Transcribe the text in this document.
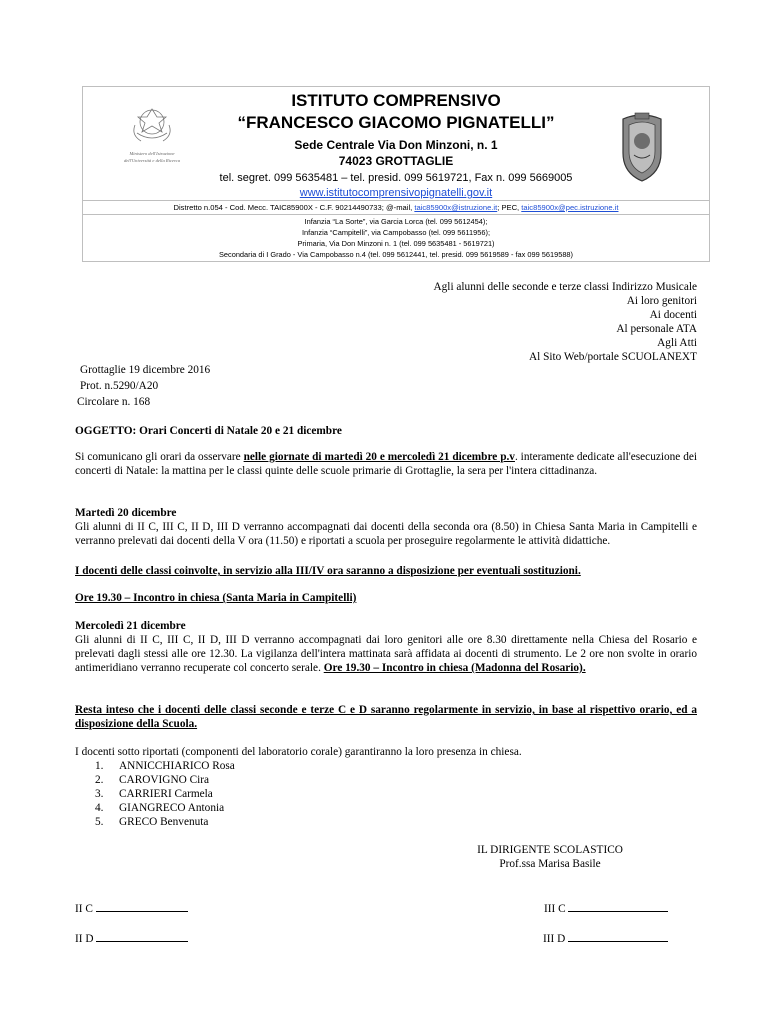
Ministero dell'Istruzione
dell'Università e della Ricerca
ISTITUTO COMPRENSIVO
“FRANCESCO GIACOMO PIGNATELLI”
Sede Centrale Via Don Minzoni, n. 1
74023 GROTTAGLIE
tel. segret. 099 5635481 – tel. presid. 099 5619721, Fax n. 099 5669005
www.istitutocomprensivopignatelli.gov.it
Distretto n.054 - Cod. Mecc. TAIC85900X - C.F. 90214490733; @-mail, taic85900x@istruzione.it; PEC, taic85900x@pec.istruzione.it
Infanzia “La Sorte”, via Garcia Lorca (tel. 099 5612454);
Infanzia “Campitelli”, via Campobasso (tel. 099 5611956);
Primaria, Via Don Minzoni n. 1 (tel. 099 5635481 - 5619721)
Secondaria di I Grado - Via Campobasso n.4 (tel. 099 5612441, tel. presid. 099 5619589 - fax 099 5619588)
Agli alunni delle seconde e terze classi Indirizzo Musicale
Ai loro genitori
Ai docenti
Al personale ATA
Agli Atti
Al Sito Web/portale SCUOLANEXT
Grottaglie 19 dicembre 2016
Prot. n.5290/A20
Circolare n. 168
OGGETTO: Orari Concerti di Natale 20 e 21 dicembre
Si comunicano gli orari da osservare nelle giornate di martedì 20 e mercoledì 21 dicembre p.v. interamente dedicate all'esecuzione dei concerti di Natale: la mattina per le classi quinte delle scuole primarie di Grottaglie, la sera per l'intera cittadinanza.
Martedì 20 dicembre
Gli alunni di II C, III C, II D, III D verranno accompagnati dai docenti della seconda ora (8.50) in Chiesa Santa Maria in Campitelli e verranno prelevati dai docenti della V ora (11.50) e riportati a scuola per proseguire regolarmente le attività didattiche.
I docenti delle classi coinvolte, in servizio alla III/IV ora saranno a disposizione per eventuali sostituzioni.
Ore 19.30 – Incontro in chiesa (Santa Maria in Campitelli)
Mercoledì 21 dicembre
Gli alunni di II C, III C, II D, III D verranno accompagnati dai loro genitori alle ore 8.30 direttamente nella Chiesa del Rosario e prelevati dagli stessi alle ore 12.30. La vigilanza dell'intera mattinata sarà affidata ai docenti di strumento. Le 2 ore non svolte in orario antimeridiano verranno recuperate col concerto serale. Ore 19.30 – Incontro in chiesa (Madonna del Rosario).
Resta inteso che i docenti delle classi seconde e terze C e D saranno regolarmente in servizio, in base al rispettivo orario, ed a disposizione della Scuola.
I docenti sotto riportati (componenti del laboratorio corale) garantiranno la loro presenza in chiesa.
1. ANNICCHIARICO Rosa
2. CAROVIGNO Cira
3. CARRIERI Carmela
4. GIANGRECO Antonia
5. GRECO Benvenuta
IL DIRIGENTE SCOLASTICO
Prof.ssa Marisa Basile
II C
II D
III C
III D
